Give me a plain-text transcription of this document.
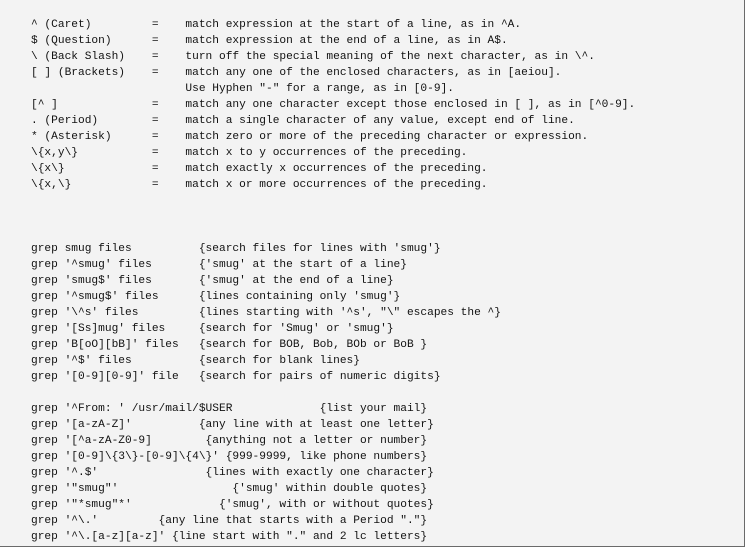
^ (Caret)         =    match expression at the start of a line, as in ^A.
$ (Question)      =    match expression at the end of a line, as in A$.
\ (Back Slash)    =    turn off the special meaning of the next character, as in \^.
[ ] (Brackets)    =    match any one of the enclosed characters, as in [aeiou].
Use Hyphen "-" for a range, as in [0-9].
[^ ]              =    match any one character except those enclosed in [ ], as in [^0-9].
. (Period)        =    match a single character of any value, except end of line.
* (Asterisk)      =    match zero or more of the preceding character or expression.
\{x,y\}           =    match x to y occurrences of the preceding.
\{x\}             =    match exactly x occurrences of the preceding.
\{x,\}            =    match x or more occurrences of the preceding.
grep smug files          {search files for lines with 'smug'}
grep '^smug' files       {'smug' at the start of a line}
grep 'smug$' files       {'smug' at the end of a line}
grep '^smug$' files      {lines containing only 'smug'}
grep '\^s' files         {lines starting with '^s', "\" escapes the ^}
grep '[Ss]mug' files     {search for 'Smug' or 'smug'}
grep 'B[oO][bB]' files   {search for BOB, Bob, BOb or BoB }
grep '^$' files          {search for blank lines}
grep '[0-9][0-9]' file   {search for pairs of numeric digits}
grep '^From: ' /usr/mail/$USER             {list your mail}
grep '[a-zA-Z]'          {any line with at least one letter}
grep '[^a-zA-Z0-9]        {anything not a letter or number}
grep '[0-9]\{3\}-[0-9]\{4\}' {999-9999, like phone numbers}
grep '^.$'                {lines with exactly one character}
grep '"smug"'                 {'smug' within double quotes}
grep '"*smug"*'             {'smug', with or without quotes}
grep '^\.'         {any line that starts with a Period "."}
grep '^\.[a-z][a-z]' {line start with "." and 2 lc letters}
